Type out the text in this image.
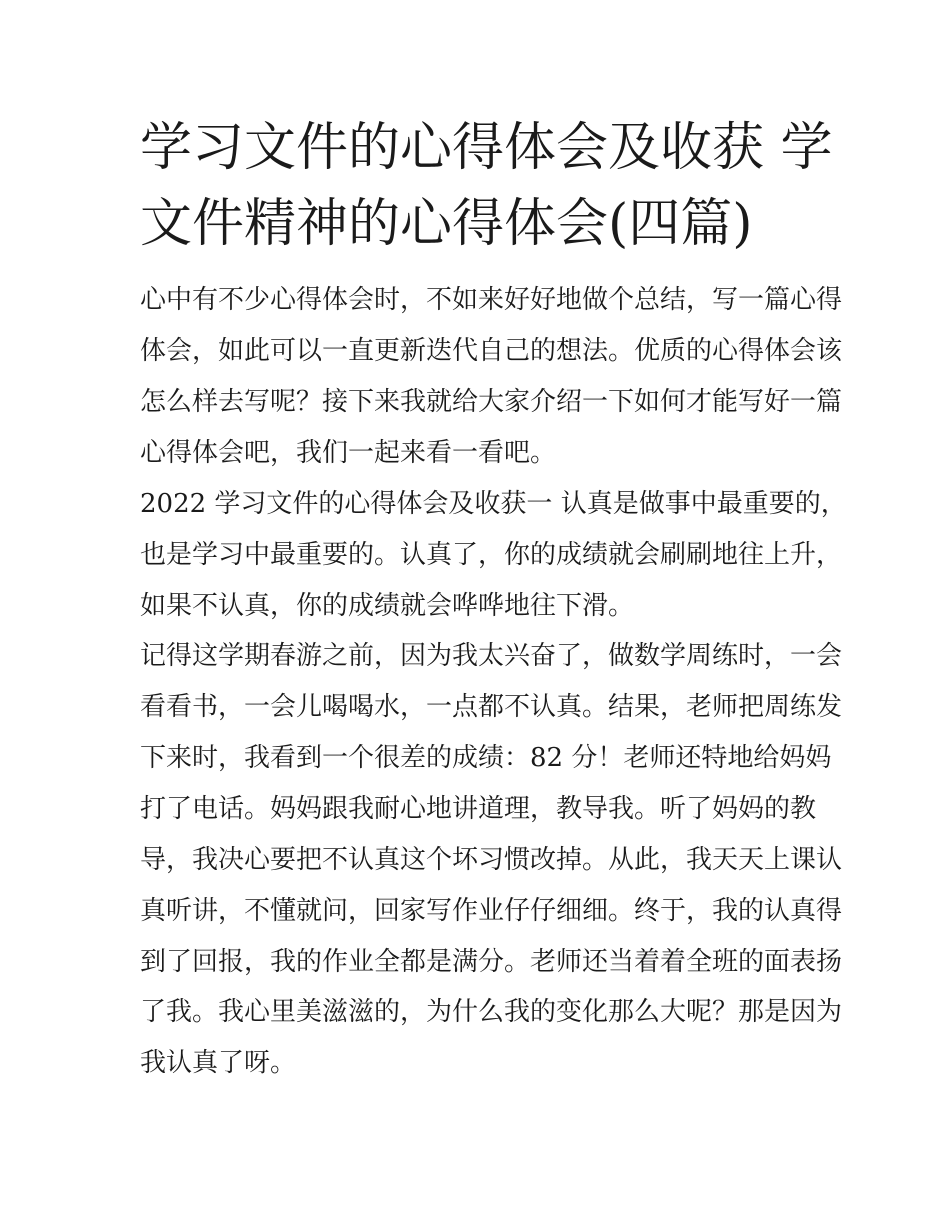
学习文件的心得体会及收获 学
文件精神的心得体会(四篇)
心中有不少心得体会时，不如来好好地做个总结，写一篇心得
体会，如此可以一直更新迭代自己的想法。优质的心得体会该
怎么样去写呢？接下来我就给大家介绍一下如何才能写好一篇
心得体会吧，我们一起来看一看吧。
2022 学习文件的心得体会及收获一 认真是做事中最重要的，
也是学习中最重要的。认真了，你的成绩就会刷刷地往上升，
如果不认真，你的成绩就会哗哗地往下滑。
记得这学期春游之前，因为我太兴奋了，做数学周练时，一会
看看书，一会儿喝喝水，一点都不认真。结果，老师把周练发
下来时，我看到一个很差的成绩：82 分！老师还特地给妈妈
打了电话。妈妈跟我耐心地讲道理，教导我。听了妈妈的教
导，我决心要把不认真这个坏习惯改掉。从此，我天天上课认
真听讲，不懂就问，回家写作业仔仔细细。终于，我的认真得
到了回报，我的作业全都是满分。老师还当着着全班的面表扬
了我。我心里美滋滋的，为什么我的变化那么大呢？那是因为
我认真了呀。
